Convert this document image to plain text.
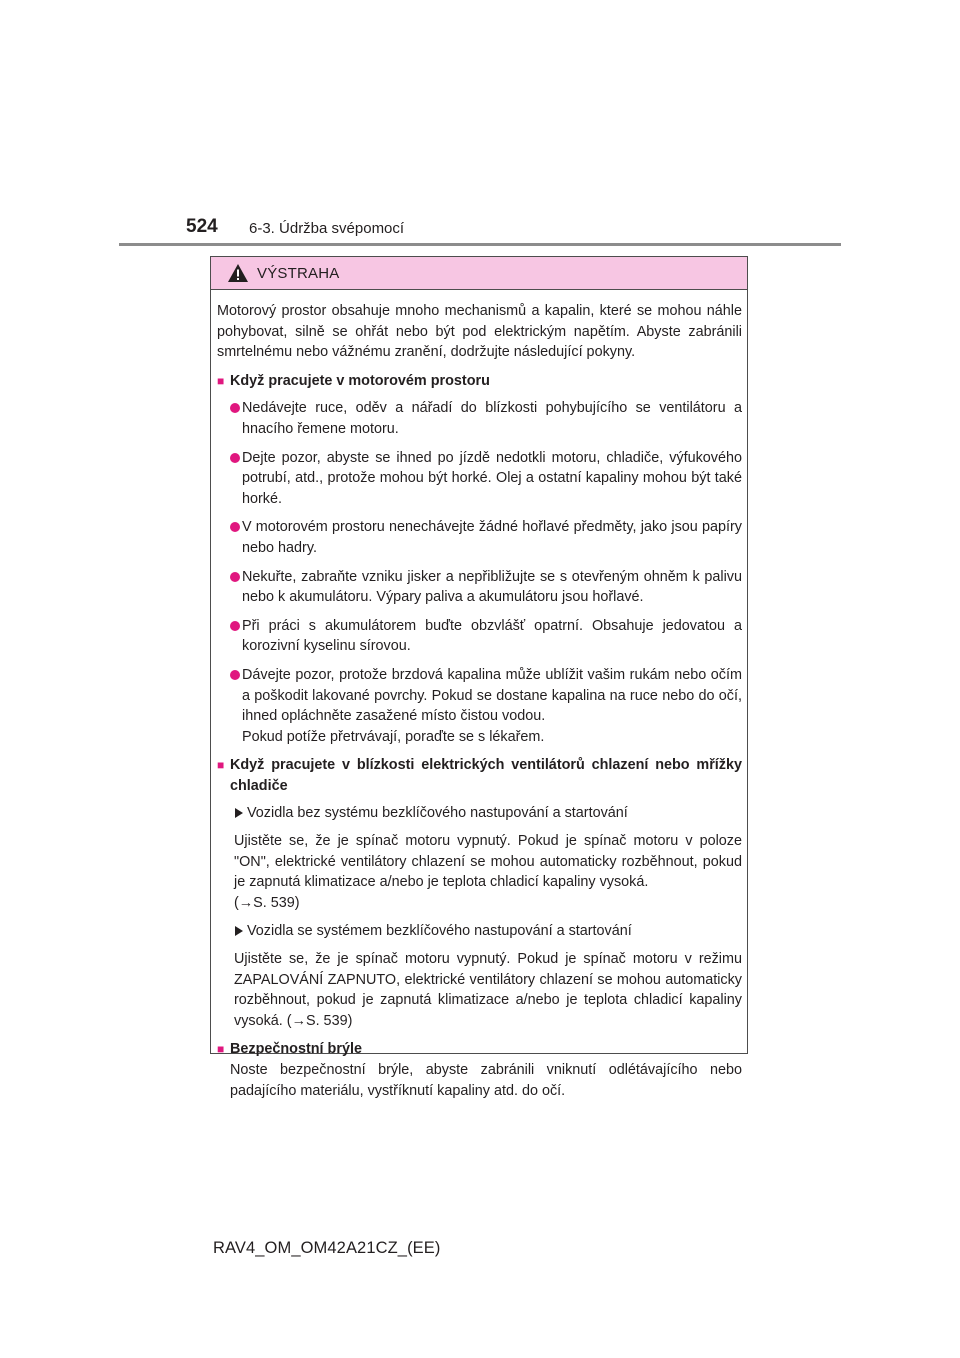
524 6-3. Údržba svépomocí
VÝSTRAHA

Motorový prostor obsahuje mnoho mechanismů a kapalin, které se mohou náhle pohybovat, silně se ohřát nebo být pod elektrickým napětím. Abyste zabránili smrtelnému nebo vážnému zranění, dodržujte následující pokyny.

■ Když pracujete v motorovém prostoru
Nedávejte ruce, oděv a nářadí do blízkosti pohybujícího se ventilátoru a hnacího řemene motoru.
Dejte pozor, abyste se ihned po jízdě nedotkli motoru, chladiče, výfukového potrubí, atd., protože mohou být horké. Olej a ostatní kapaliny mohou být také horké.
V motorovém prostoru nenechávejte žádné hořlavé předměty, jako jsou papíry nebo hadry.
Nekuřte, zabraňte vzniku jisker a nepřibližujte se s otevřeným ohněm k palivu nebo k akumulátoru. Výpary paliva a akumulátoru jsou hořlavé.
Při práci s akumulátorem buďte obzvlášť opatrní. Obsahuje jedovatou a korozivní kyselinu sírovou.
Dávejte pozor, protože brzdová kapalina může ublížit vašim rukám nebo očím a poškodit lakované povrchy. Pokud se dostane kapalina na ruce nebo do očí, ihned opláchněte zasažené místo čistou vodou.
Pokud potíže přetrvávají, poraďte se s lékařem.
■ Když pracujete v blízkosti elektrických ventilátorů chlazení nebo mřížky chladiče
Vozidla bez systému bezklíčového nastupování a startování

Ujistěte se, že je spínač motoru vypnutý. Pokud je spínač motoru v poloze "ON", elektrické ventilátory chlazení se mohou automaticky rozběhnout, pokud je zapnutá klimatizace a/nebo je teplota chladicí kapaliny vysoká.
(→S. 539)

Vozidla se systémem bezklíčového nastupování a startování

Ujistěte se, že je spínač motoru vypnutý. Pokud je spínač motoru v režimu ZAPALOVÁNÍ ZAPNUTO, elektrické ventilátory chlazení se mohou automaticky rozběhnout, pokud je zapnutá klimatizace a/nebo je teplota chladicí kapaliny vysoká. (→S. 539)

■ Bezpečnostní brýle

Noste bezpečnostní brýle, abyste zabránili vniknutí odlétávajícího nebo padajícího materiálu, vystříknutí kapaliny atd. do očí.

RAV4_OM_OM42A21CZ_(EE)
